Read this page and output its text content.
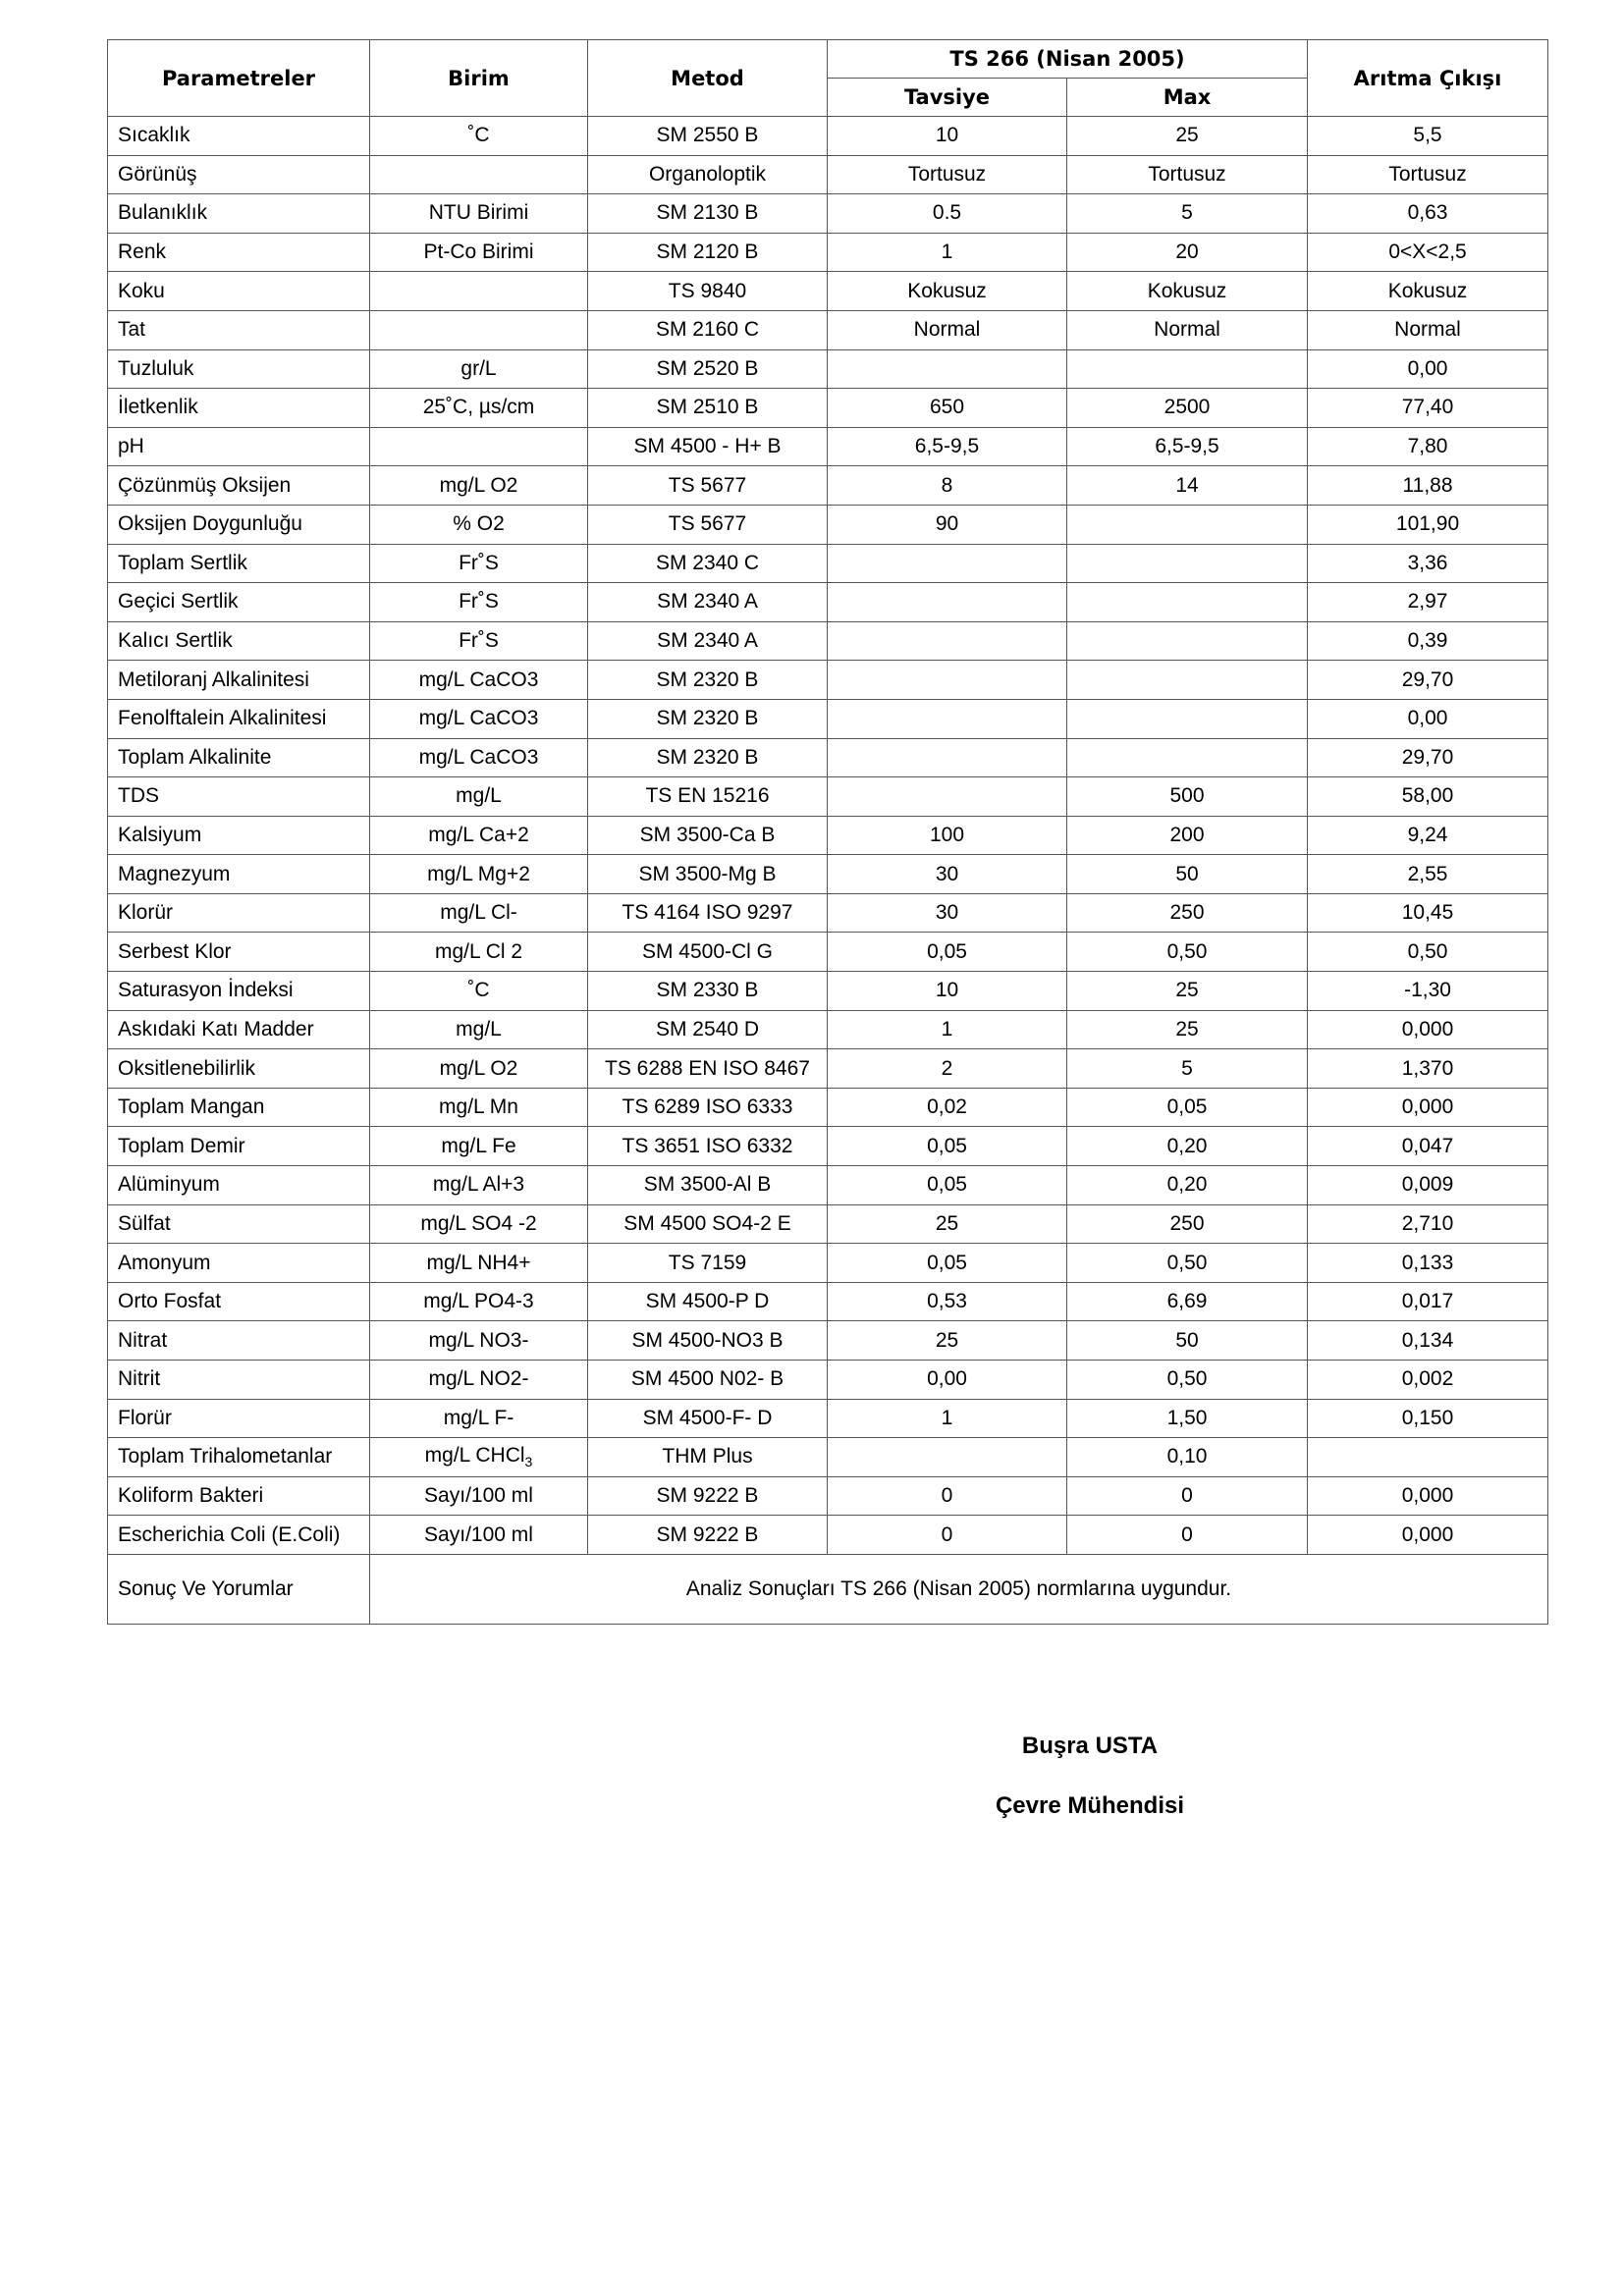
Parametreler	Birim	Metod	TS 266 (Nisan 2005)		Arıtma Çıkışı
			Tavsiye	Max	
Sıcaklık	˚C	SM 2550 B	10	25	5,5
Görünüş		Organoloptik	Tortusuz	Tortusuz	Tortusuz
Bulanıklık	NTU Birimi	SM 2130 B	0.5	5	0,63
Renk	Pt-Co Birimi	SM 2120 B	1	20	0<X<2,5
Koku		TS 9840	Kokusuz	Kokusuz	Kokusuz
Tat		SM 2160 C	Normal	Normal	Normal
Tuzluluk	gr/L	SM 2520 B			0,00
İletkenlik	25˚C, µs/cm	SM 2510 B	650	2500	77,40
pH		SM 4500 - H+ B	6,5-9,5	6,5-9,5	7,80
Çözünmüş Oksijen	mg/L O2	TS 5677	8	14	11,88
Oksijen Doygunluğu	% O2	TS 5677	90		101,90
Toplam Sertlik	Fr˚S	SM 2340 C			3,36
Geçici Sertlik	Fr˚S	SM 2340 A			2,97
Kalıcı Sertlik	Fr˚S	SM 2340 A			0,39
Metiloranj Alkalinitesi	mg/L CaCO3	SM 2320 B			29,70
Fenolftalein Alkalinitesi	mg/L CaCO3	SM 2320 B			0,00
Toplam Alkalinite	mg/L CaCO3	SM 2320 B			29,70
TDS	mg/L	TS EN 15216		500	58,00
Kalsiyum	mg/L Ca+2	SM 3500-Ca B	100	200	9,24
Magnezyum	mg/L Mg+2	SM 3500-Mg B	30	50	2,55
Klorür	mg/L Cl-	TS 4164 ISO 9297	30	250	10,45
Serbest Klor	mg/L Cl 2	SM 4500-Cl G	0,05	0,50	0,50
Saturasyon İndeksi	˚C	SM 2330 B	10	25	-1,30
Askıdaki Katı Madder	mg/L	SM 2540 D	1	25	0,000
Oksitlenebilirlik	mg/L O2	TS 6288 EN ISO 8467	2	5	1,370
Toplam Mangan	mg/L Mn	TS 6289 ISO 6333	0,02	0,05	0,000
Toplam Demir	mg/L Fe	TS 3651 ISO 6332	0,05	0,20	0,047
Alüminyum	mg/L Al+3	SM 3500-Al B	0,05	0,20	0,009
Sülfat	mg/L SO4 -2	SM 4500 SO4-2 E	25	250	2,710
Amonyum	mg/L NH4+	TS 7159	0,05	0,50	0,133
Orto Fosfat	mg/L PO4-3	SM 4500-P D	0,53	6,69	0,017
Nitrat	mg/L NO3-	SM 4500-NO3 B	25	50	0,134
Nitrit	mg/L NO2-	SM 4500 N02- B	0,00	0,50	0,002
Florür	mg/L F-	SM 4500-F- D	1	1,50	0,150
Toplam Trihalometanlar	mg/L CHCl$_3$	THM Plus		0,10	
Koliform Bakteri	Sayı/100 ml	SM 9222 B	0	0	0,000
Escherichia Coli (E.Coli)	Sayı/100 ml	SM 9222 B	0	0	0,000
Sonuç Ve Yorumlar	Analiz Sonuçları TS 266 (Nisan 2005) normlarına uygundur.				
Buşra USTA
Çevre Mühendisi
